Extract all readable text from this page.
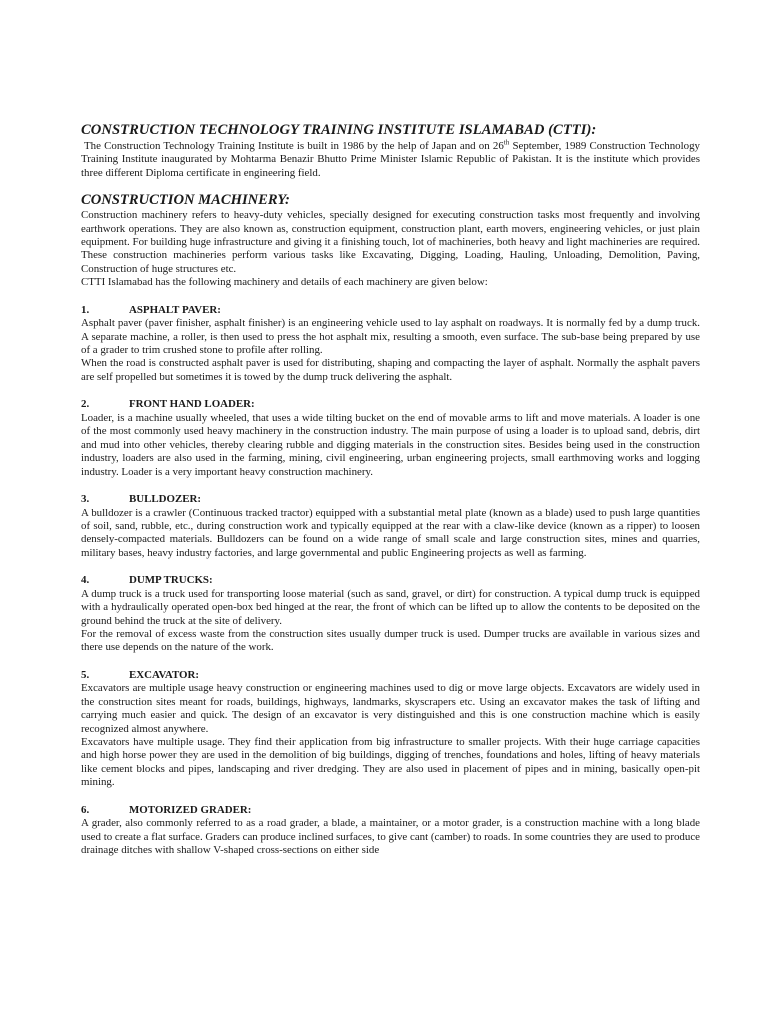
CONSTRUCTION TECHNOLOGY TRAINING INSTITUTE ISLAMABAD (CTTI):

The Construction Technology Training Institute is built in 1986 by the help of Japan and on 26th September, 1989 Construction Technology Training Institute inaugurated by Mohtarma Benazir Bhutto Prime Minister Islamic Republic of Pakistan. It is the institute which provides three different Diploma certificate in engineering field.

CONSTRUCTION MACHINERY:

Construction machinery refers to heavy-duty vehicles, specially designed for executing construction tasks most frequently and involving earthwork operations. They are also known as, construction equipment, construction plant, earth movers, engineering vehicles, or just plain equipment. For building huge infrastructure and giving it a finishing touch, lot of machineries, both heavy and light machineries are required. These construction machineries perform various tasks like Excavating, Digging, Loading, Hauling, Unloading, Demolition, Paving, Construction of huge structures etc.

CTTI Islamabad has the following machinery and details of each machinery are given below:

1.	ASPHALT PAVER:

Asphalt paver (paver finisher, asphalt finisher) is an engineering vehicle used to lay asphalt on roadways. It is normally fed by a dump truck. A separate machine, a roller, is then used to press the hot asphalt mix, resulting a smooth, even surface. The sub-base being prepared by use of a grader to trim crushed stone to profile after rolling.

When the road is constructed asphalt paver is used for distributing, shaping and compacting the layer of asphalt. Normally the asphalt pavers are self propelled but sometimes it is towed by the dump truck delivering the asphalt.

2.	FRONT HAND LOADER:

Loader, is a machine usually wheeled, that uses a wide tilting bucket on the end of movable arms to lift and move materials. A loader is one of the most commonly used heavy machinery in the construction industry. The main purpose of using a loader is to upload sand, debris, dirt and mud into other vehicles, thereby clearing rubble and digging materials in the construction sites. Besides being used in the construction industry, loaders are also used in the farming, mining, civil engineering, urban engineering projects, small earthmoving works and logging industry. Loader is a very important heavy construction machinery.

3.	BULLDOZER:

A bulldozer is a crawler (Continuous tracked tractor) equipped with a substantial metal plate (known as a blade) used to push large quantities of soil, sand, rubble, etc., during construction work and typically equipped at the rear with a claw-like device (known as a ripper) to loosen densely-compacted materials. Bulldozers can be found on a wide range of small scale and large construction sites, mines and quarries, military bases, heavy industry factories, and large governmental and public Engineering projects as well as farming.

4.	DUMP TRUCKS:

A dump truck is a truck used for transporting loose material (such as sand, gravel, or dirt) for construction. A typical dump truck is equipped with a hydraulically operated open-box bed hinged at the rear, the front of which can be lifted up to allow the contents to be deposited on the ground behind the truck at the site of delivery.

For the removal of excess waste from the construction sites usually dumper truck is used. Dumper trucks are available in various sizes and there use depends on the nature of the work.

5.	EXCAVATOR:

Excavators are multiple usage heavy construction or engineering machines used to dig or move large objects. Excavators are widely used in the construction sites meant for roads, buildings, highways, landmarks, skyscrapers etc. Using an excavator makes the task of lifting and carrying much easier and quick. The design of an excavator is very distinguished and this is one construction machine which is easily recognized almost anywhere.

Excavators have multiple usage. They find their application from big infrastructure to smaller projects. With their huge carriage capacities and high horse power they are used in the demolition of big buildings, digging of trenches, foundations and holes, lifting of heavy materials like cement blocks and pipes, landscaping and river dredging. They are also used in placement of pipes and in mining, basically open-pit mining.

6.	MOTORIZED GRADER:

A grader, also commonly referred to as a road grader, a blade, a maintainer, or a motor grader, is a construction machine with a long blade used to create a flat surface. Graders can produce inclined surfaces, to give cant (camber) to roads. In some countries they are used to produce drainage ditches with shallow V-shaped cross-sections on either side
